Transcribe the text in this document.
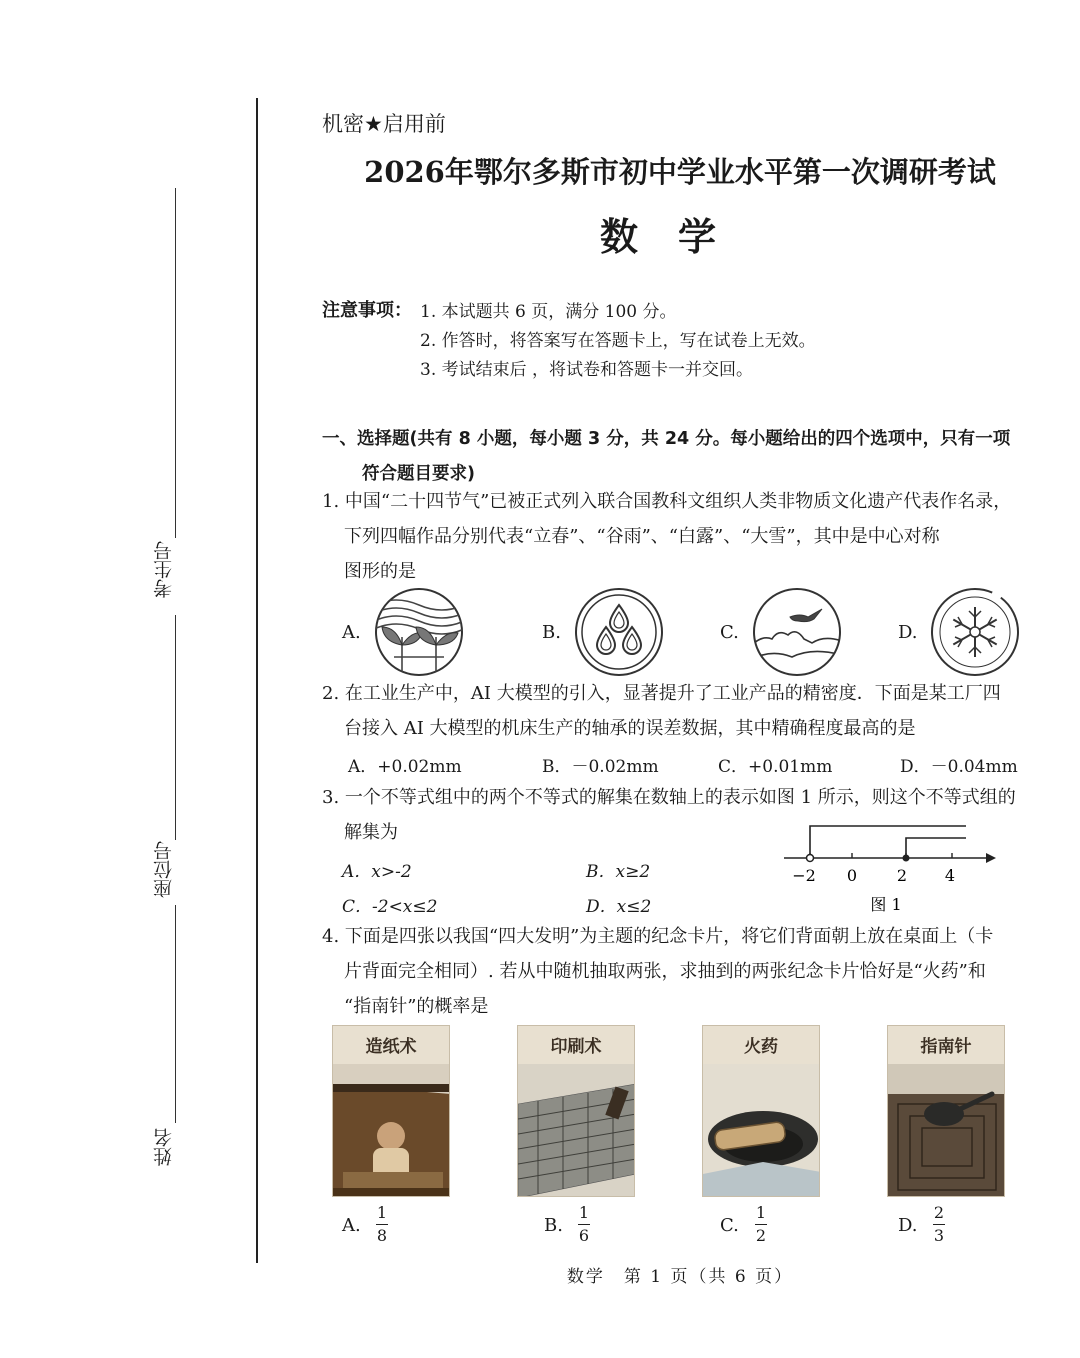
考生号
座位号
姓名
机密★启用前
2026年鄂尔多斯市初中学业水平第一次调研考试
数学
注意事项： 1. 本试题共 6 页，满分 100 分。
2. 作答时，将答案写在答题卡上，写在试卷上无效。
3. 考试结束后 ，将试卷和答题卡一并交回。
一、选择题(共有 8 小题，每小题 3 分，共 24 分。每小题给出的四个选项中，只有一项
符合题目要求)
1. 中国“二十四节气”已被正式列入联合国教科文组织人类非物质文化遗产代表作名录，
下列四幅作品分别代表“立春”、“谷雨”、“白露”、“大雪”，其中是中心对称
图形的是
A.	B.	C.	D.
2. 在工业生产中，AI 大模型的引入，显著提升了工业产品的精密度．下面是某工厂四
台接入 AI 大模型的机床生产的轴承的误差数据，其中精确程度最高的是
A．+0.02mm	B．－0.02mm	C．+0.01mm	D．－0.04mm
3. 一个不等式组中的两个不等式的解集在数轴上的表示如图 1 所示，则这个不等式组的
解集为
A．x>-2	B．x≥2
C．-2<x≤2	D．x≤2
−2 0 2 4
图 1
4. 下面是四张以我国“四大发明”为主题的纪念卡片，将它们背面朝上放在桌面上（卡
片背面完全相同）. 若从中随机抽取两张，求抽到的两张纪念卡片恰好是“火药”和
“指南针”的概率是
造纸术	印刷术	火药	指南针
A.
1
8	B.
1
6	C.
1
2	D.
2
3
数学　第 1 页（共 6 页）
